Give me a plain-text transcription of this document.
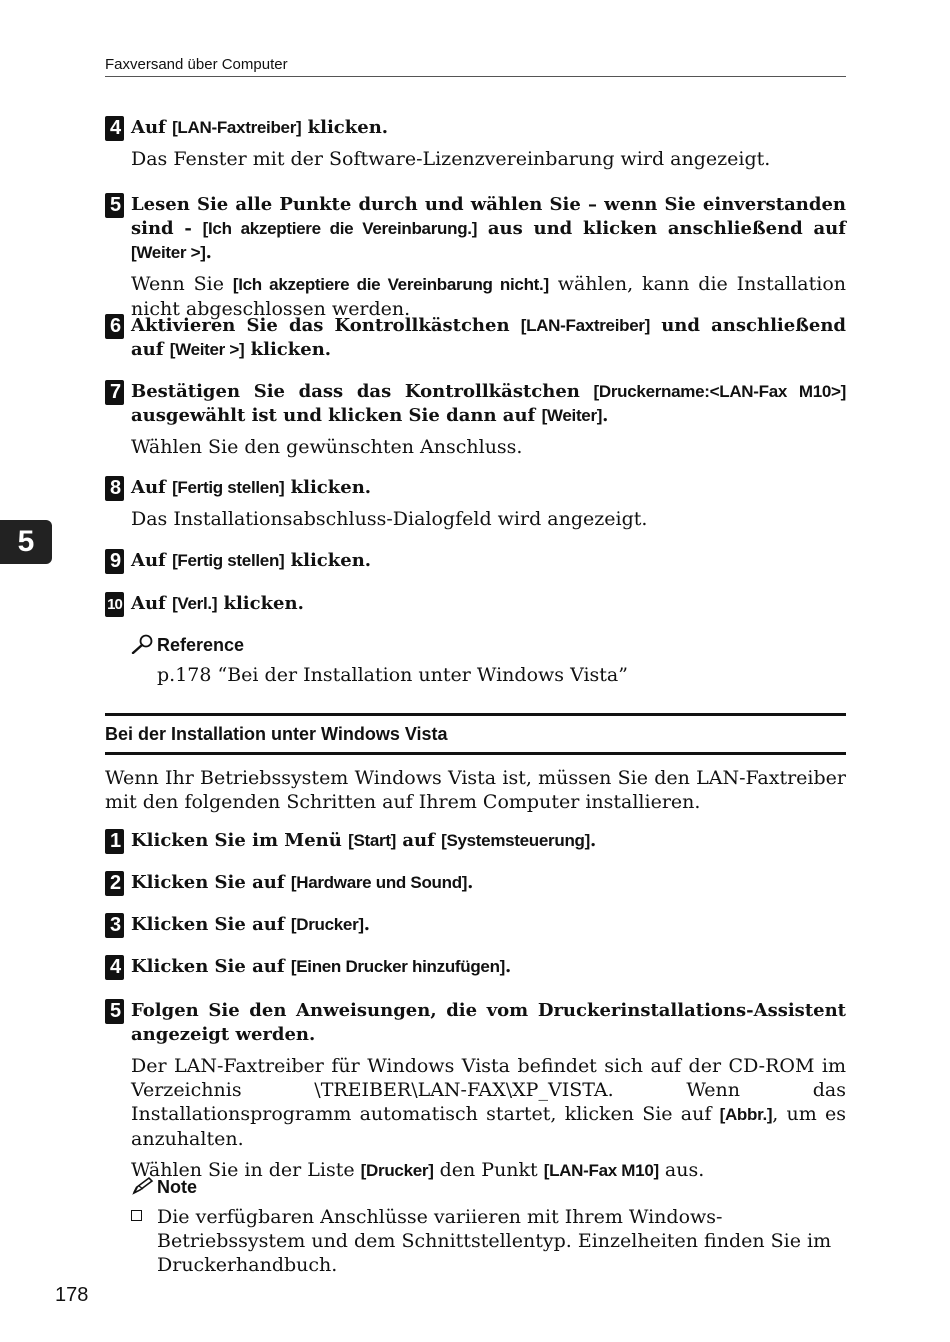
Faxversand über Computer
5
4 Auf [LAN-Faxtreiber] klicken.
Das Fenster mit der Software-Lizenzvereinbarung wird angezeigt.
5 Lesen Sie alle Punkte durch und wählen Sie – wenn Sie einverstanden sind - [Ich akzeptiere die Vereinbarung.] aus und klicken anschließend auf [Weiter >].
Wenn Sie [Ich akzeptiere die Vereinbarung nicht.] wählen, kann die Installation nicht abgeschlossen werden.
6 Aktivieren Sie das Kontrollkästchen [LAN-Faxtreiber] und anschließend auf [Weiter >] klicken.
7 Bestätigen Sie dass das Kontrollkästchen [Druckername:<LAN-Fax M10>] ausgewählt ist und klicken Sie dann auf [Weiter].
Wählen Sie den gewünschten Anschluss.
8 Auf [Fertig stellen] klicken.
Das Installationsabschluss-Dialogfeld wird angezeigt.
9 Auf [Fertig stellen] klicken.
10 Auf [Verl.] klicken.
Reference
p.178 “Bei der Installation unter Windows Vista”
Bei der Installation unter Windows Vista
Wenn Ihr Betriebssystem Windows Vista ist, müssen Sie den LAN-Faxtreiber mit den folgenden Schritten auf Ihrem Computer installieren.
1 Klicken Sie im Menü [Start] auf [Systemsteuerung].
2 Klicken Sie auf [Hardware und Sound].
3 Klicken Sie auf [Drucker].
4 Klicken Sie auf [Einen Drucker hinzufügen].
5 Folgen Sie den Anweisungen, die vom Druckerinstallations-Assistent angezeigt werden.
Der LAN-Faxtreiber für Windows Vista befindet sich auf der CD-ROM im Verzeichnis \TREIBER\LAN-FAX\XP_VISTA. Wenn das Installationsprogramm automatisch startet, klicken Sie auf [Abbr.], um es anzuhalten.
Wählen Sie in der Liste [Drucker] den Punkt [LAN-Fax M10] aus.
Note
Die verfügbaren Anschlüsse variieren mit Ihrem Windows-Betriebssystem und dem Schnittstellentyp. Einzelheiten finden Sie im Druckerhandbuch.
178
